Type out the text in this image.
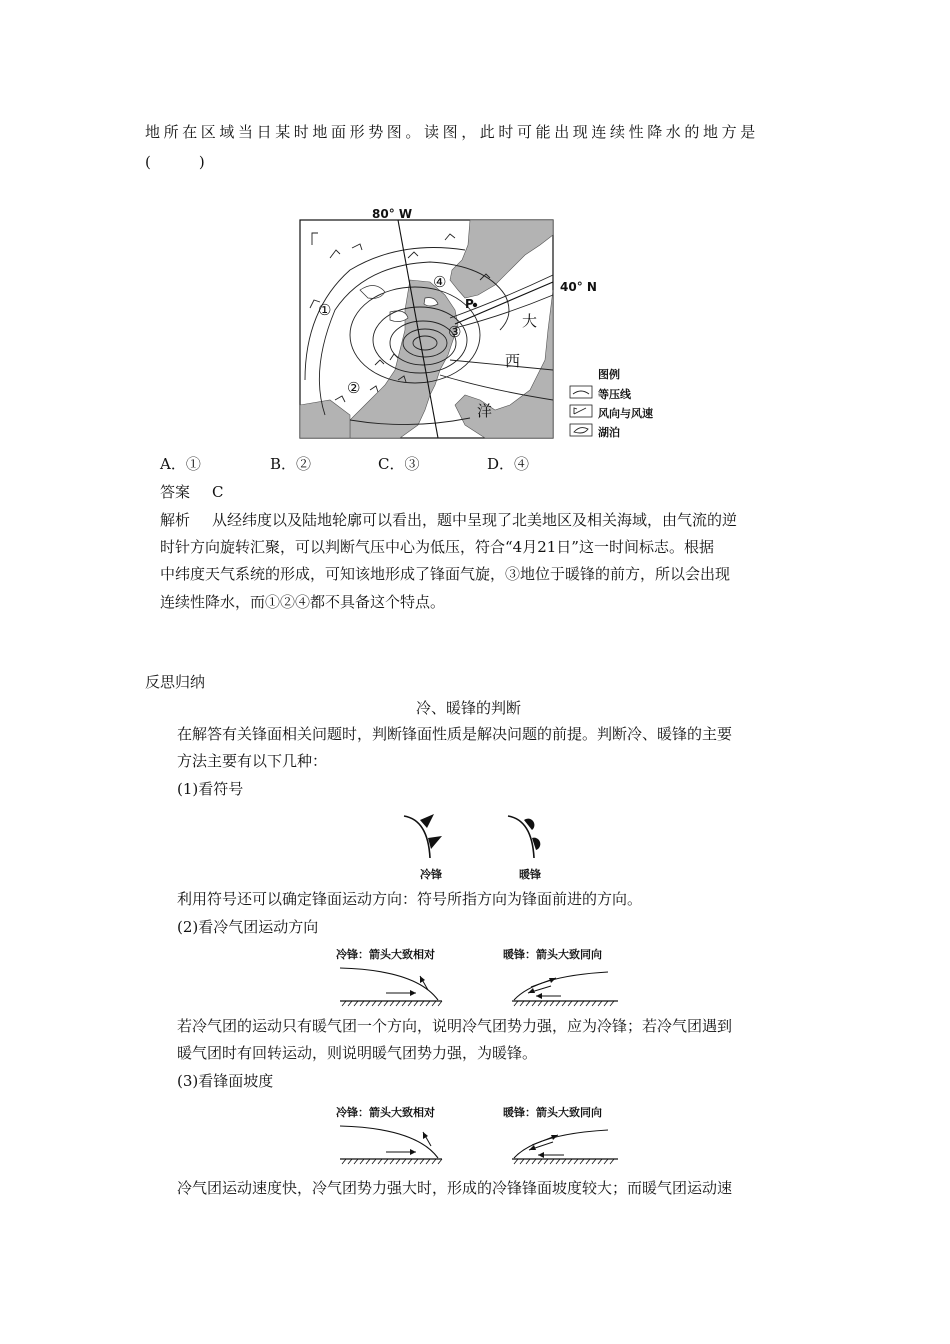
地所在区域当日某时地面形势图。读图，此时可能出现连续性降水的地方是
(　　)
80° W
40° N
P
①
②
③
④
大
西
洋
图例
等压线
风向与风速
湖泊
A．①	B．②	C．③	D．④
答案 C
解析 从经纬度以及陆地轮廓可以看出，题中呈现了北美地区及相关海域，由气流的逆
时针方向旋转汇聚，可以判断气压中心为低压，符合“4月21日”这一时间标志。根据
中纬度天气系统的形成，可知该地形成了锋面气旋，③地位于暖锋的前方，所以会出现
连续性降水，而①②④都不具备这个特点。
反思归纳
冷、暖锋的判断
在解答有关锋面相关问题时，判断锋面性质是解决问题的前提。判断冷、暖锋的主要
方法主要有以下几种：
(1)看符号
冷锋	暖锋
利用符号还可以确定锋面运动方向：符号所指方向为锋面前进的方向。
(2)看冷气团运动方向
冷锋：箭头大致相对	暖锋：箭头大致同向
若冷气团的运动只有暖气团一个方向，说明冷气团势力强，应为冷锋；若冷气团遇到
暖气团时有回转运动，则说明暖气团势力强，为暖锋。
(3)看锋面坡度
冷锋：箭头大致相对	暖锋：箭头大致同向
冷气团运动速度快，冷气团势力强大时，形成的冷锋锋面坡度较大；而暖气团运动速
